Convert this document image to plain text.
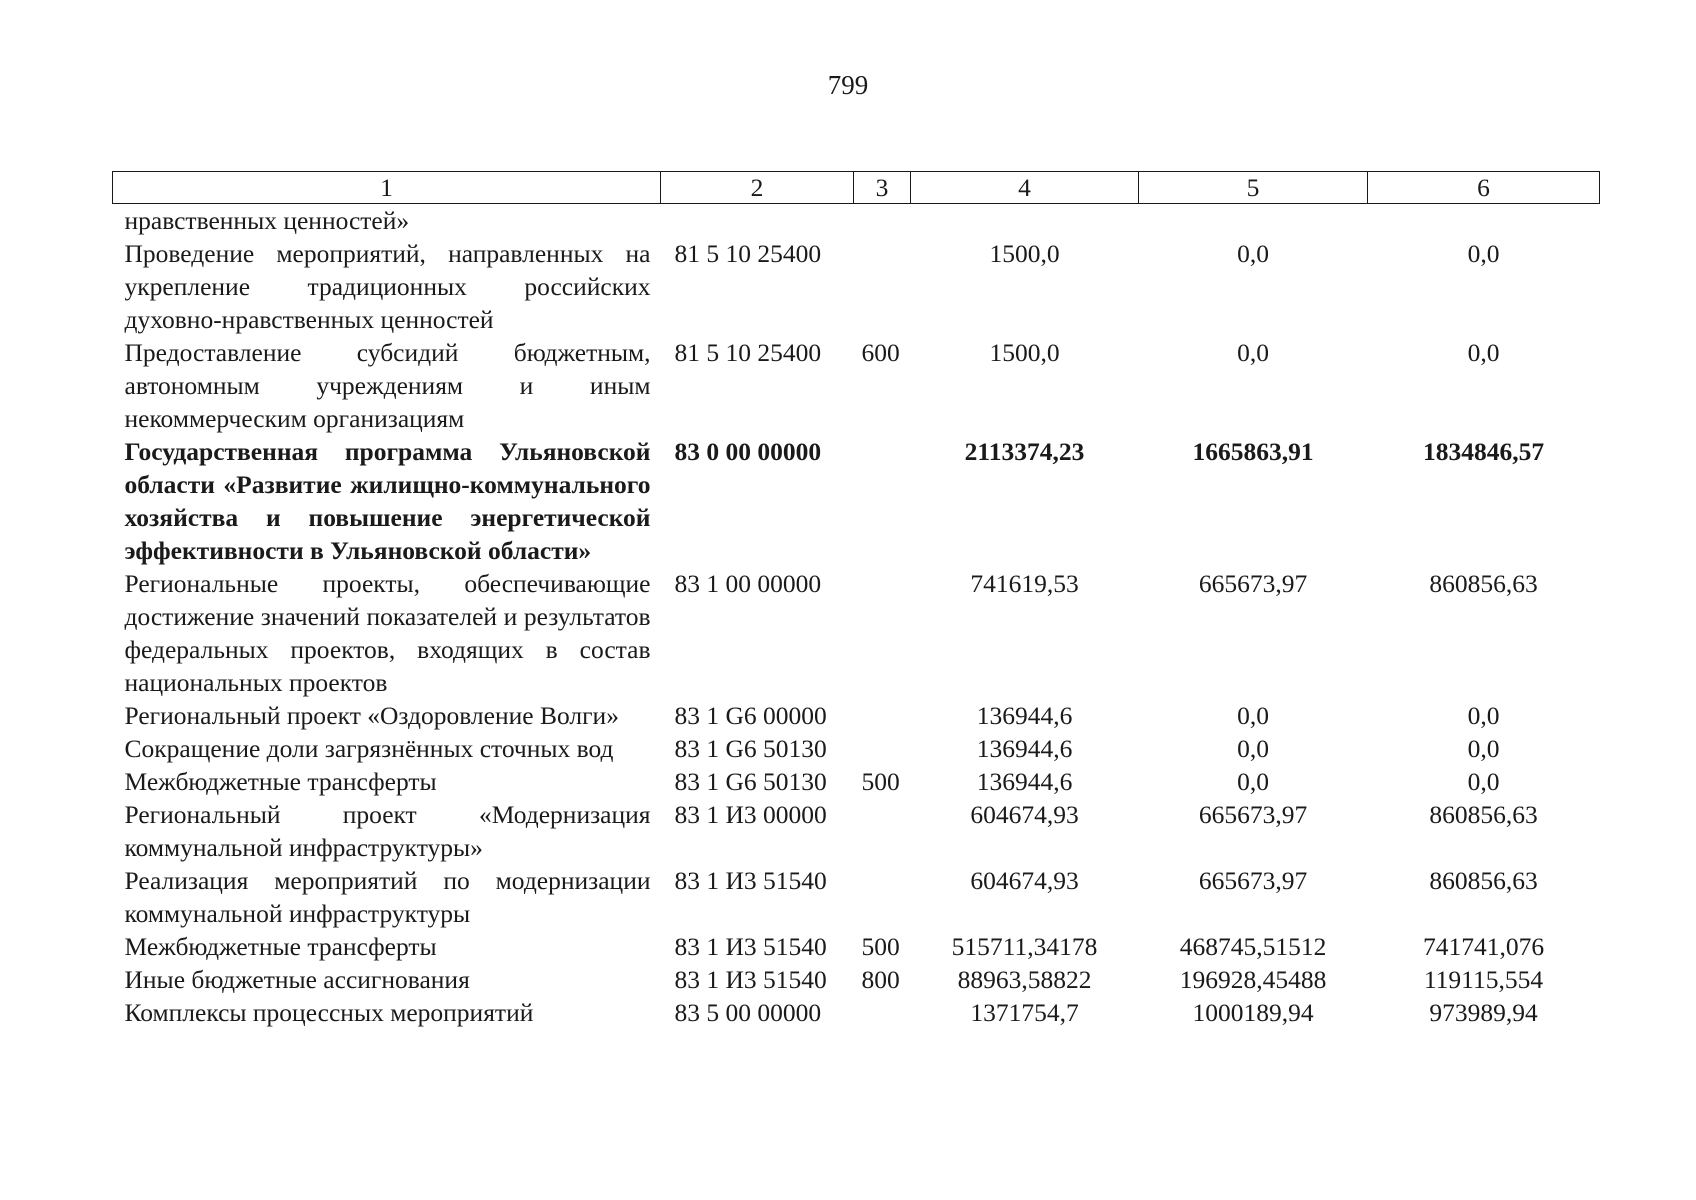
799
1	2	3	4	5	6
нравственных ценностей»					
Проведение мероприятий, направленных на укрепление традиционных российских духовно-нравственных ценностей	81 5 10 25400		1500,0	0,0	0,0
Предоставление субсидий бюджетным, автономным учреждениям и иным некоммерческим организациям	81 5 10 25400	600	1500,0	0,0	0,0
Государственная программа Ульяновской области «Развитие жилищно-коммунального хозяйства и повышение энергетической эффективности в Ульяновской области»	83 0 00 00000		2113374,23	1665863,91	1834846,57
Региональные проекты, обеспечивающие достижение значений показателей и результатов федеральных проектов, входящих в состав национальных проектов	83 1 00 00000		741619,53	665673,97	860856,63
Региональный проект «Оздоровление Волги»	83 1 G6 00000		136944,6	0,0	0,0
Сокращение доли загрязнённых сточных вод	83 1 G6 50130		136944,6	0,0	0,0
Межбюджетные трансферты	83 1 G6 50130	500	136944,6	0,0	0,0
Региональный проект «Модернизация коммунальной инфраструктуры»	83 1 И3 00000		604674,93	665673,97	860856,63
Реализация мероприятий по модернизации коммунальной инфраструктуры	83 1 И3 51540		604674,93	665673,97	860856,63
Межбюджетные трансферты	83 1 И3 51540	500	515711,34178	468745,51512	741741,076
Иные бюджетные ассигнования	83 1 И3 51540	800	88963,58822	196928,45488	119115,554
Комплексы процессных мероприятий	83 5 00 00000		1371754,7	1000189,94	973989,94
